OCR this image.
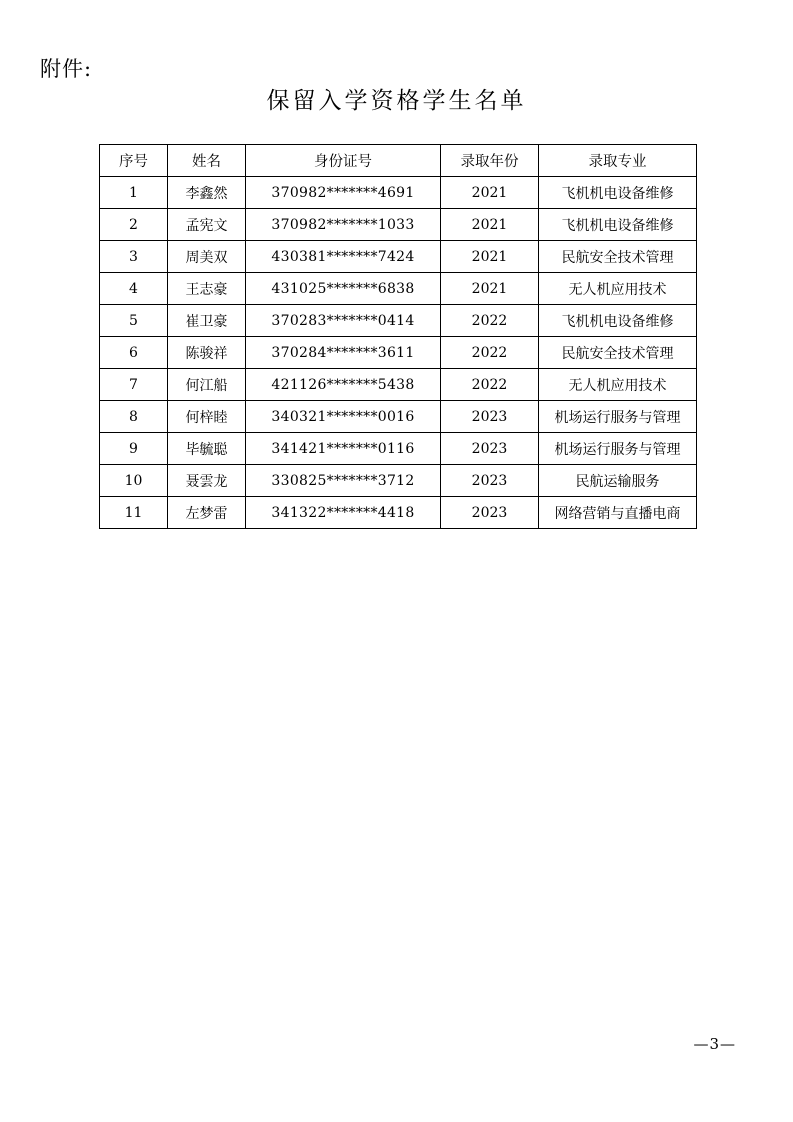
附件:
保留入学资格学生名单
序号	姓名	身份证号	录取年份	录取专业
1	李鑫然	370982*******4691	2021	飞机机电设备维修
2	孟宪文	370982*******1033	2021	飞机机电设备维修
3	周美双	430381*******7424	2021	民航安全技术管理
4	王志豪	431025*******6838	2021	无人机应用技术
5	崔卫豪	370283*******0414	2022	飞机机电设备维修
6	陈骏祥	370284*******3611	2022	民航安全技术管理
7	何江船	421126*******5438	2022	无人机应用技术
8	何梓睦	340321*******0016	2023	机场运行服务与管理
9	毕毓聪	341421*******0116	2023	机场运行服务与管理
10	聂雲龙	330825*******3712	2023	民航运输服务
11	左梦雷	341322*******4418	2023	网络营销与直播电商
—3—
